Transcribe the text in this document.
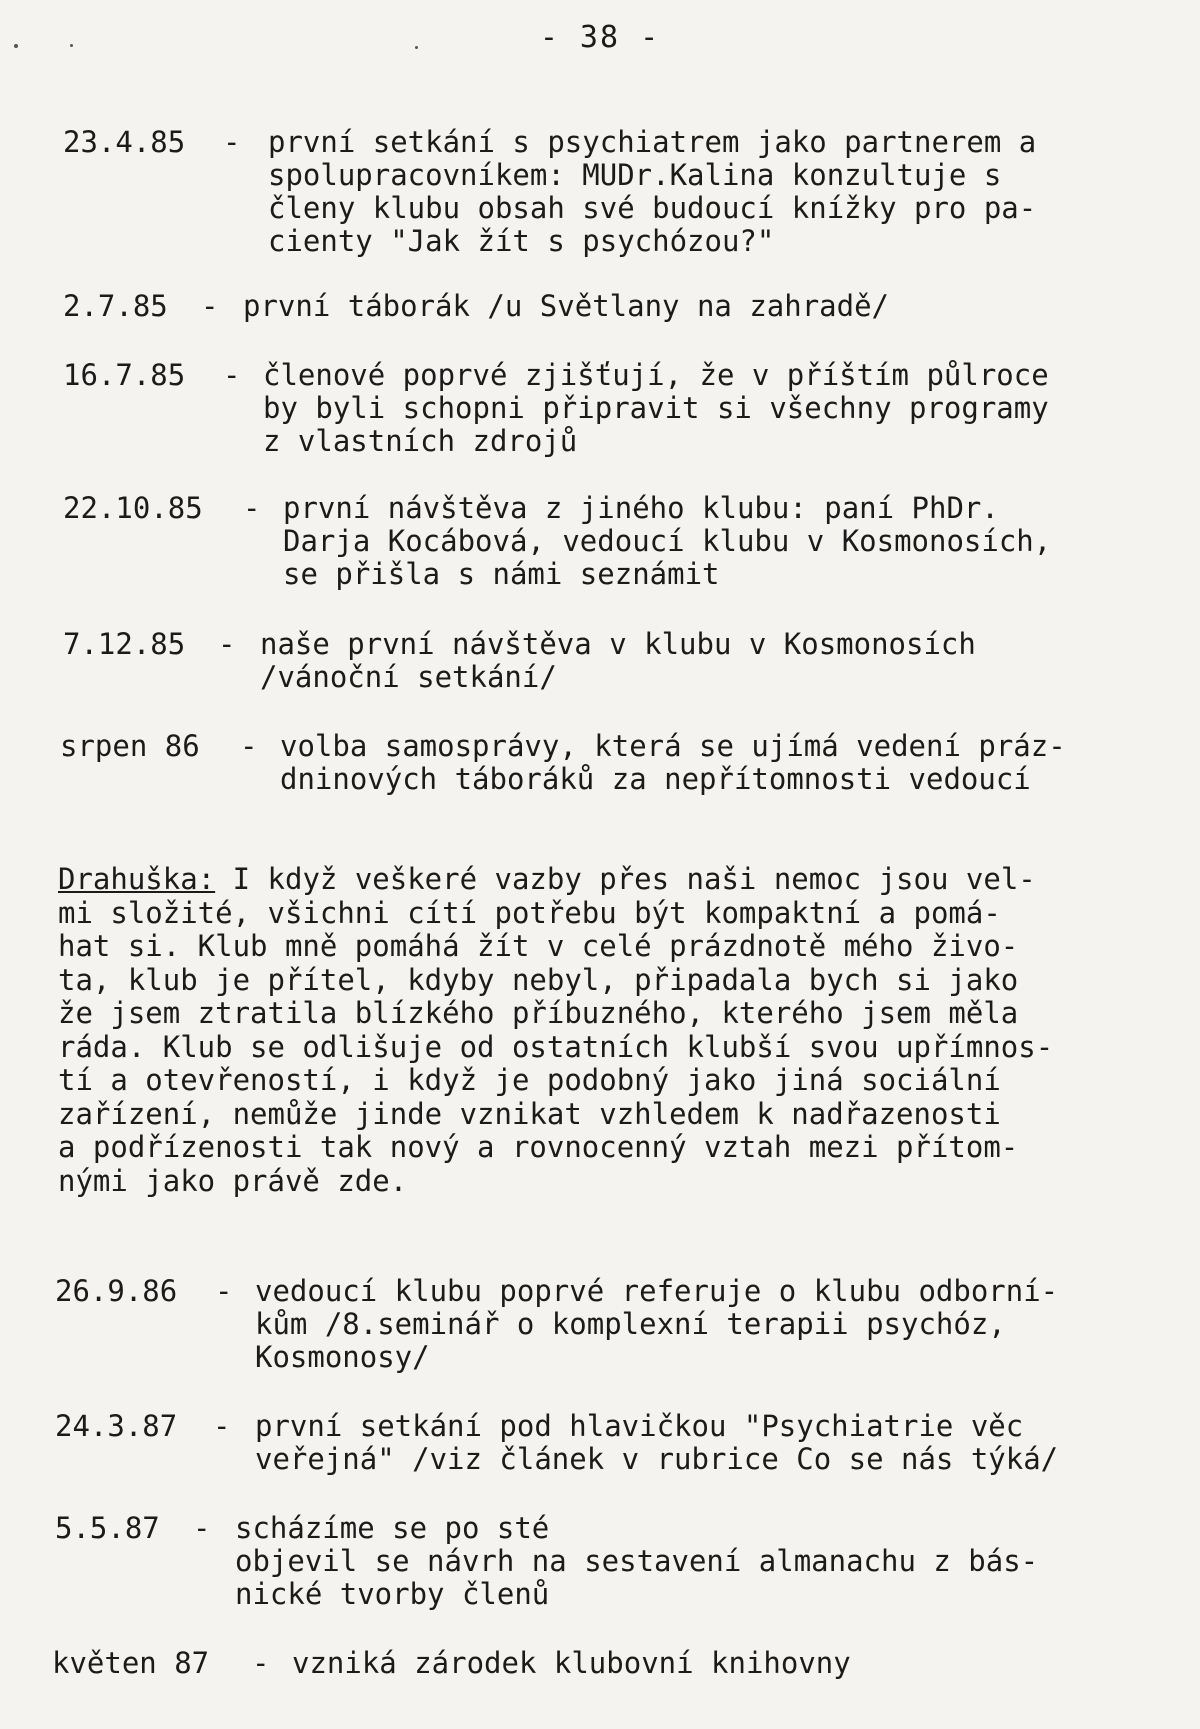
- 38 -
23.4.85 - první setkání s psychiatrem jako partnerem a
spolupracovníkem: MUDr.Kalina konzultuje s
členy klubu obsah své budoucí knížky pro pa-
cienty "Jak žít s psychózou?"
2.7.85 - první táborák /u Světlany na zahradě/
16.7.85 - členové poprvé zjišťují, že v příštím půlroce
by byli schopni připravit si všechny programy
z vlastních zdrojů
22.10.85 - první návštěva z jiného klubu: paní PhDr.
Darja Kocábová, vedoucí klubu v Kosmonosích,
se přišla s námi seznámit
7.12.85 - naše první návštěva v klubu v Kosmonosích
/vánoční setkání/
srpen 86 - volba samosprávy, která se ujímá vedení práz-
dninových táboráků za nepřítomnosti vedoucí
Drahuška: I když veškeré vazby přes naši nemoc jsou vel-
mi složité, všichni cítí potřebu být kompaktní a pomá-
hat si. Klub mně pomáhá žít v celé prázdnotě mého živo-
ta, klub je přítel, kdyby nebyl, připadala bych si jako
že jsem ztratila blízkého příbuzného, kterého jsem měla
ráda. Klub se odlišuje od ostatních klubší svou upřímnos-
tí a otevřeností, i když je podobný jako jiná sociální
zařízení, nemůže jinde vznikat vzhledem k nadřazenosti
a podřízenosti tak nový a rovnocenný vztah mezi přítom-
nými jako právě zde.
26.9.86 - vedoucí klubu poprvé referuje o klubu odborní-
kům /8.seminář o komplexní terapii psychóz,
Kosmonosy/
24.3.87 - první setkání pod hlavičkou "Psychiatrie věc
veřejná" /viz článek v rubrice Co se nás týká/
5.5.87 - scházíme se po sté
objevil se návrh na sestavení almanachu z bás-
nické tvorby členů
květen 87 - vzniká zárodek klubovní knihovny
